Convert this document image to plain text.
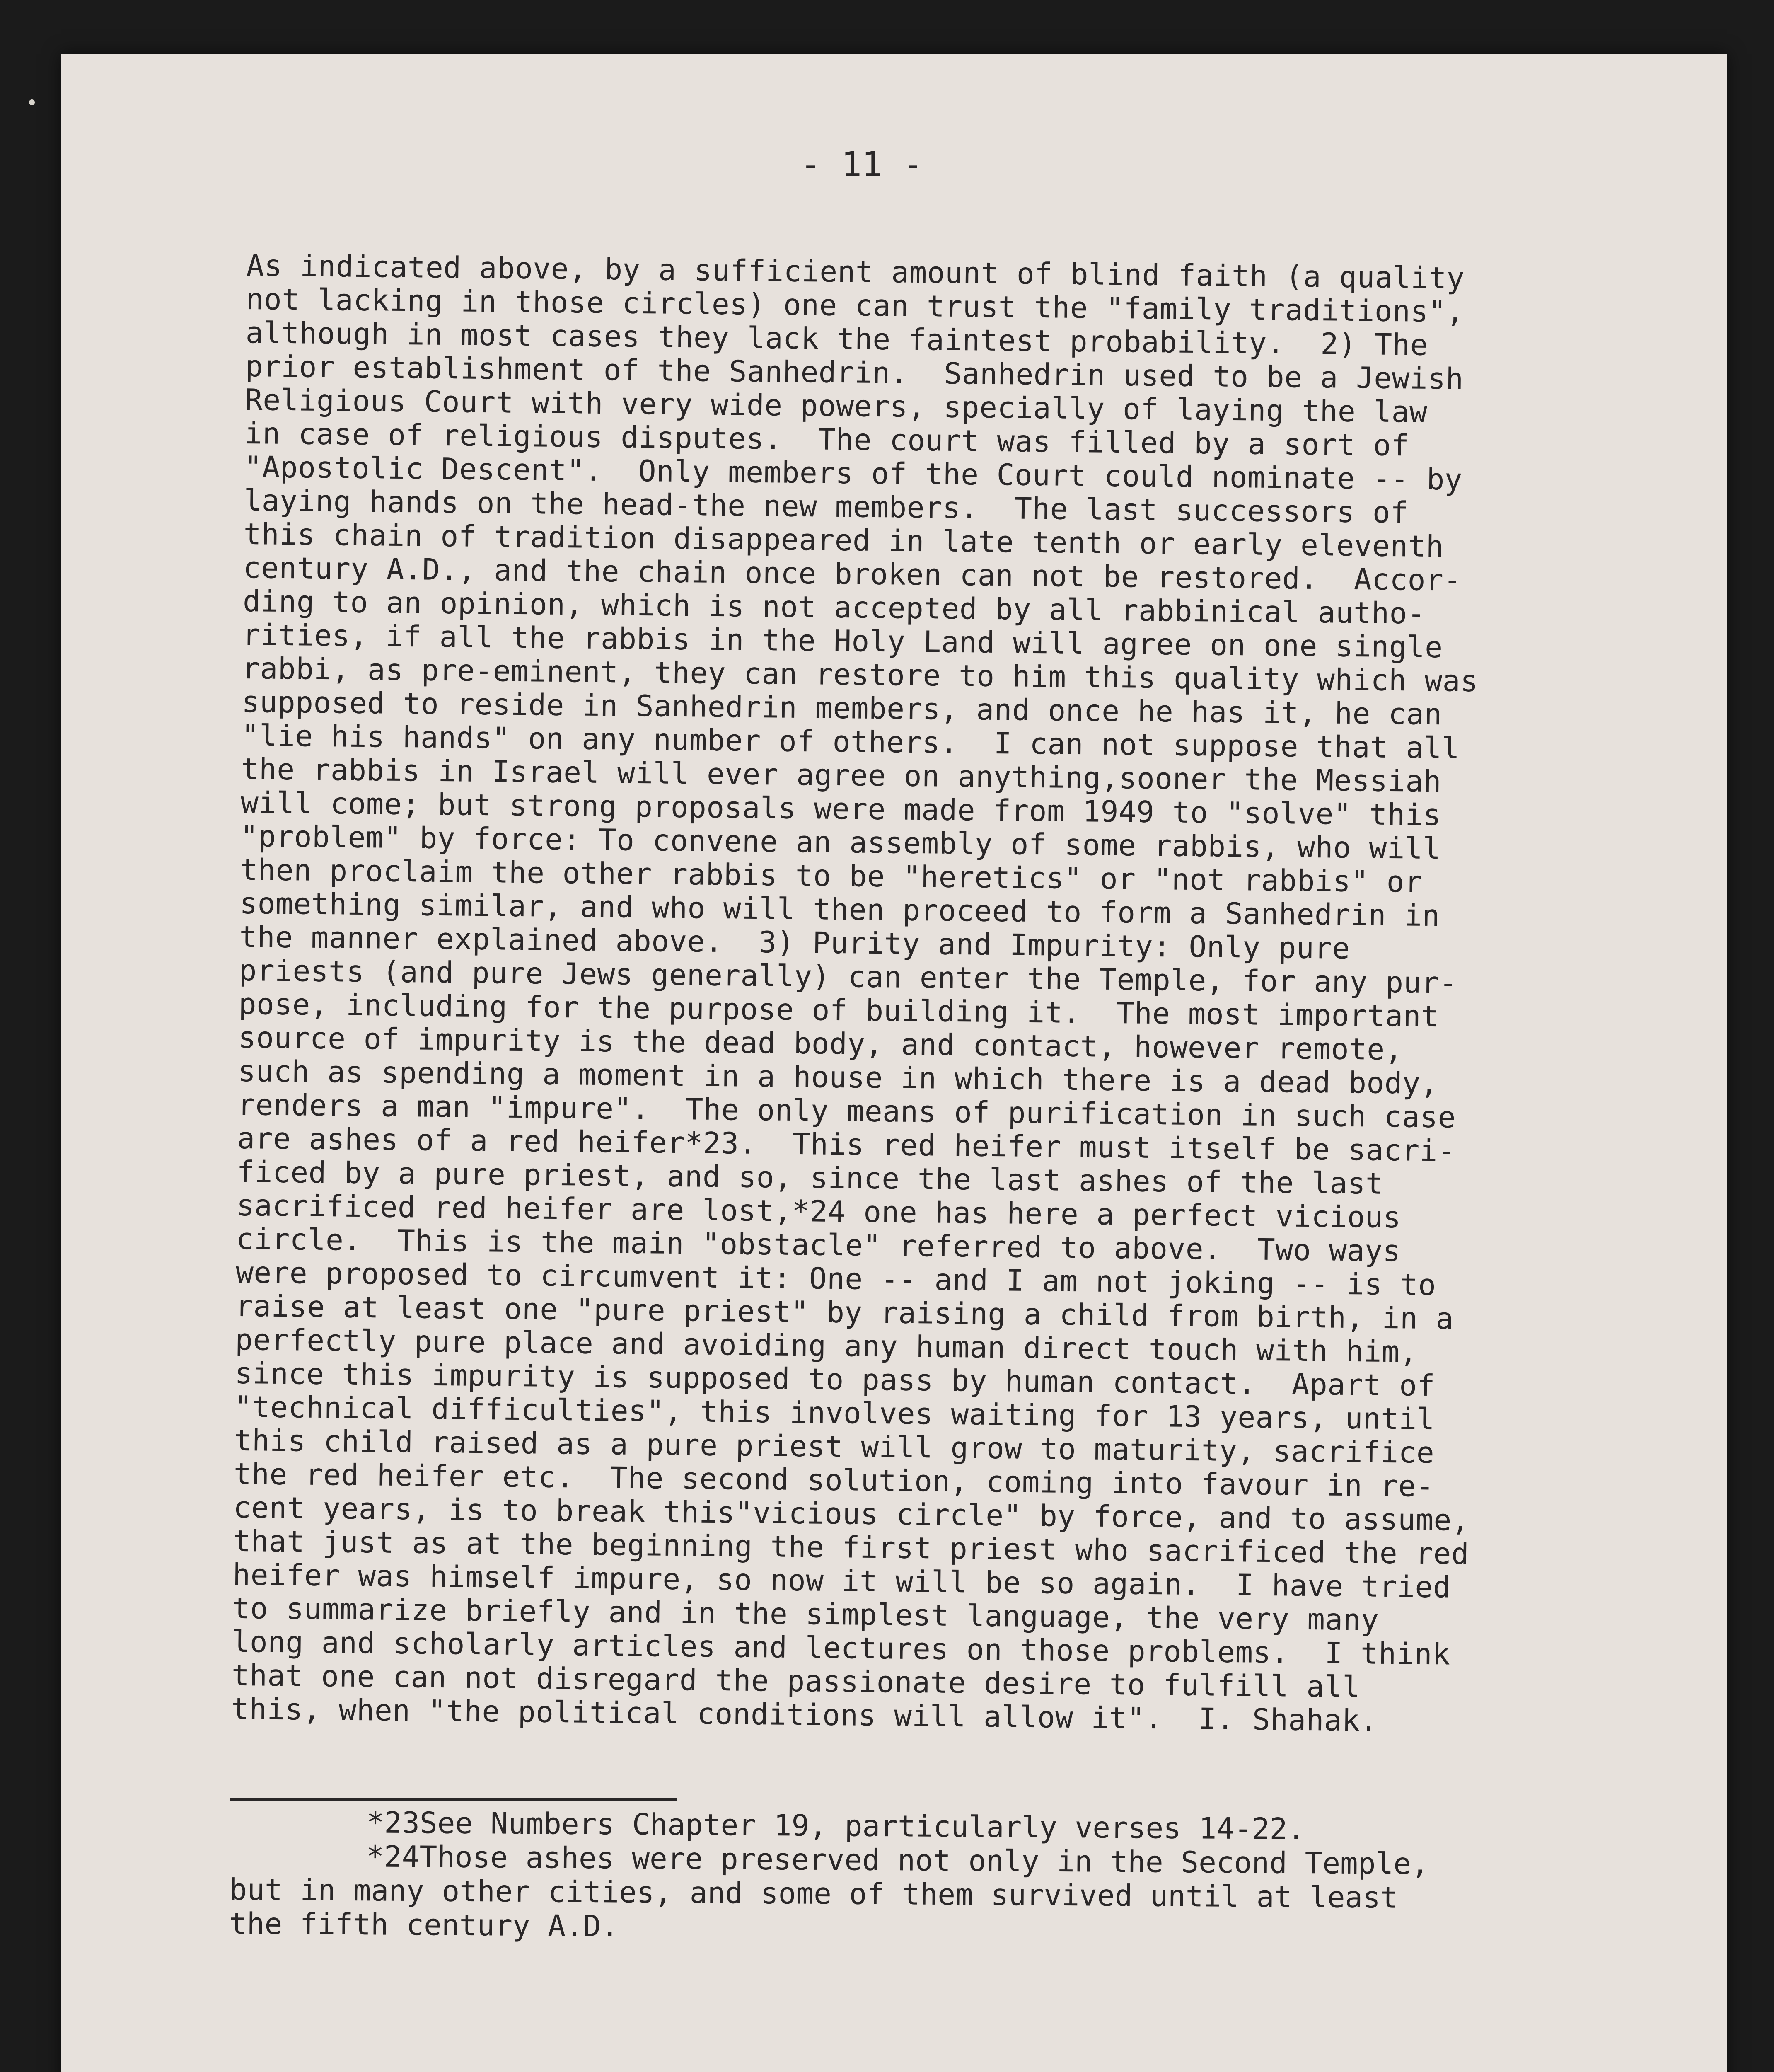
- 11 -
As indicated above, by a sufficient amount of blind faith (a quality
not lacking in those circles) one can trust the "family traditions",
although in most cases they lack the faintest probability.  2) The
prior establishment of the Sanhedrin.  Sanhedrin used to be a Jewish
Religious Court with very wide powers, specially of laying the law
in case of religious disputes.  The court was filled by a sort of
"Apostolic Descent".  Only members of the Court could nominate -- by
laying hands on the head-the new members.  The last successors of
this chain of tradition disappeared in late tenth or early eleventh
century A.D., and the chain once broken can not be restored.  Accor-
ding to an opinion, which is not accepted by all rabbinical autho-
rities, if all the rabbis in the Holy Land will agree on one single
rabbi, as pre-eminent, they can restore to him this quality which was
supposed to reside in Sanhedrin members, and once he has it, he can
"lie his hands" on any number of others.  I can not suppose that all
the rabbis in Israel will ever agree on anything,sooner the Messiah
will come; but strong proposals were made from 1949 to "solve" this
"problem" by force: To convene an assembly of some rabbis, who will
then proclaim the other rabbis to be "heretics" or "not rabbis" or
something similar, and who will then proceed to form a Sanhedrin in
the manner explained above.  3) Purity and Impurity: Only pure
priests (and pure Jews generally) can enter the Temple, for any pur-
pose, including for the purpose of building it.  The most important
source of impurity is the dead body, and contact, however remote,
such as spending a moment in a house in which there is a dead body,
renders a man "impure".  The only means of purification in such case
are ashes of a red heifer*23.  This red heifer must itself be sacri-
ficed by a pure priest, and so, since the last ashes of the last
sacrificed red heifer are lost,*24 one has here a perfect vicious
circle.  This is the main "obstacle" referred to above.  Two ways
were proposed to circumvent it: One -- and I am not joking -- is to
raise at least one "pure priest" by raising a child from birth, in a
perfectly pure place and avoiding any human direct touch with him,
since this impurity is supposed to pass by human contact.  Apart of
"technical difficulties", this involves waiting for 13 years, until
this child raised as a pure priest will grow to maturity, sacrifice
the red heifer etc.  The second solution, coming into favour in re-
cent years, is to break this"vicious circle" by force, and to assume,
that just as at the beginning the first priest who sacrificed the red
heifer was himself impure, so now it will be so again.  I have tried
to summarize briefly and in the simplest language, the very many
long and scholarly articles and lectures on those problems.  I think
that one can not disregard the passionate desire to fulfill all
this, when "the political conditions will allow it".  I. Shahak.
*23See Numbers Chapter 19, particularly verses 14-22.
*24Those ashes were preserved not only in the Second Temple,
but in many other cities, and some of them survived until at least
the fifth century A.D.
